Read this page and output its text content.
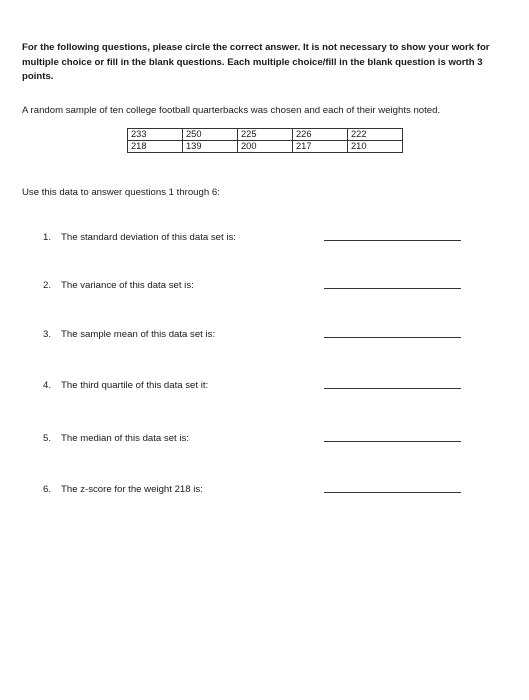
For the following questions, please circle the correct answer. It is not necessary to show your work for multiple choice or fill in the blank questions. Each multiple choice/fill in the blank question is worth 3 points.

A random sample of ten college football quarterbacks was chosen and each of their weights noted.

233	250	225	226	222
218	139	200	217	210

Use this data to answer questions 1 through 6:

1. The standard deviation of this data set is:
2. The variance of this data set is:
3. The sample mean of this data set is:
4. The third quartile of this data set it:
5. The median of this data set is:
6. The z-score for the weight 218 is:
